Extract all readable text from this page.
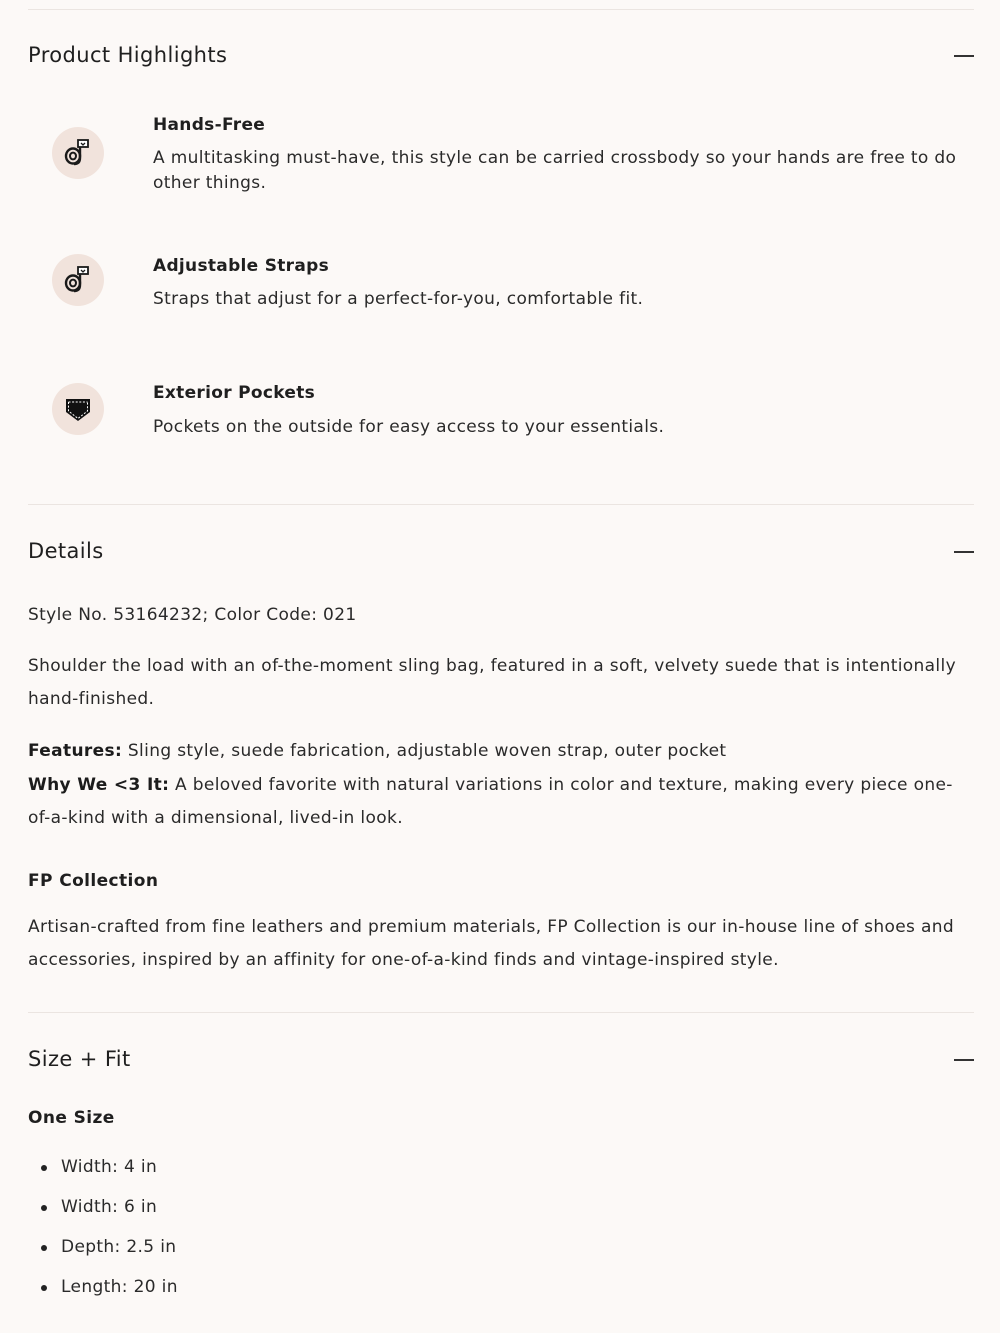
Product Highlights
Hands-Free

A multitasking must-have, this style can be carried crossbody so your hands are free to do other things.

Adjustable Straps

Straps that adjust for a perfect-for-you, comfortable fit.

Exterior Pockets

Pockets on the outside for easy access to your essentials.

Details

Style No. 53164232; Color Code: 021

Shoulder the load with an of-the-moment sling bag, featured in a soft, velvety suede that is intentionally hand-finished.

Features: Sling style, suede fabrication, adjustable woven strap, outer pocket

Why We <3 It: A beloved favorite with natural variations in color and texture, making every piece one-of-a-kind with a dimensional, lived-in look.

FP Collection

Artisan-crafted from fine leathers and premium materials, FP Collection is our in-house line of shoes and accessories, inspired by an affinity for one-of-a-kind finds and vintage-inspired style.

Size + Fit
One Size
Width: 4 in
Width: 6 in
Depth: 2.5 in
Length: 20 in
